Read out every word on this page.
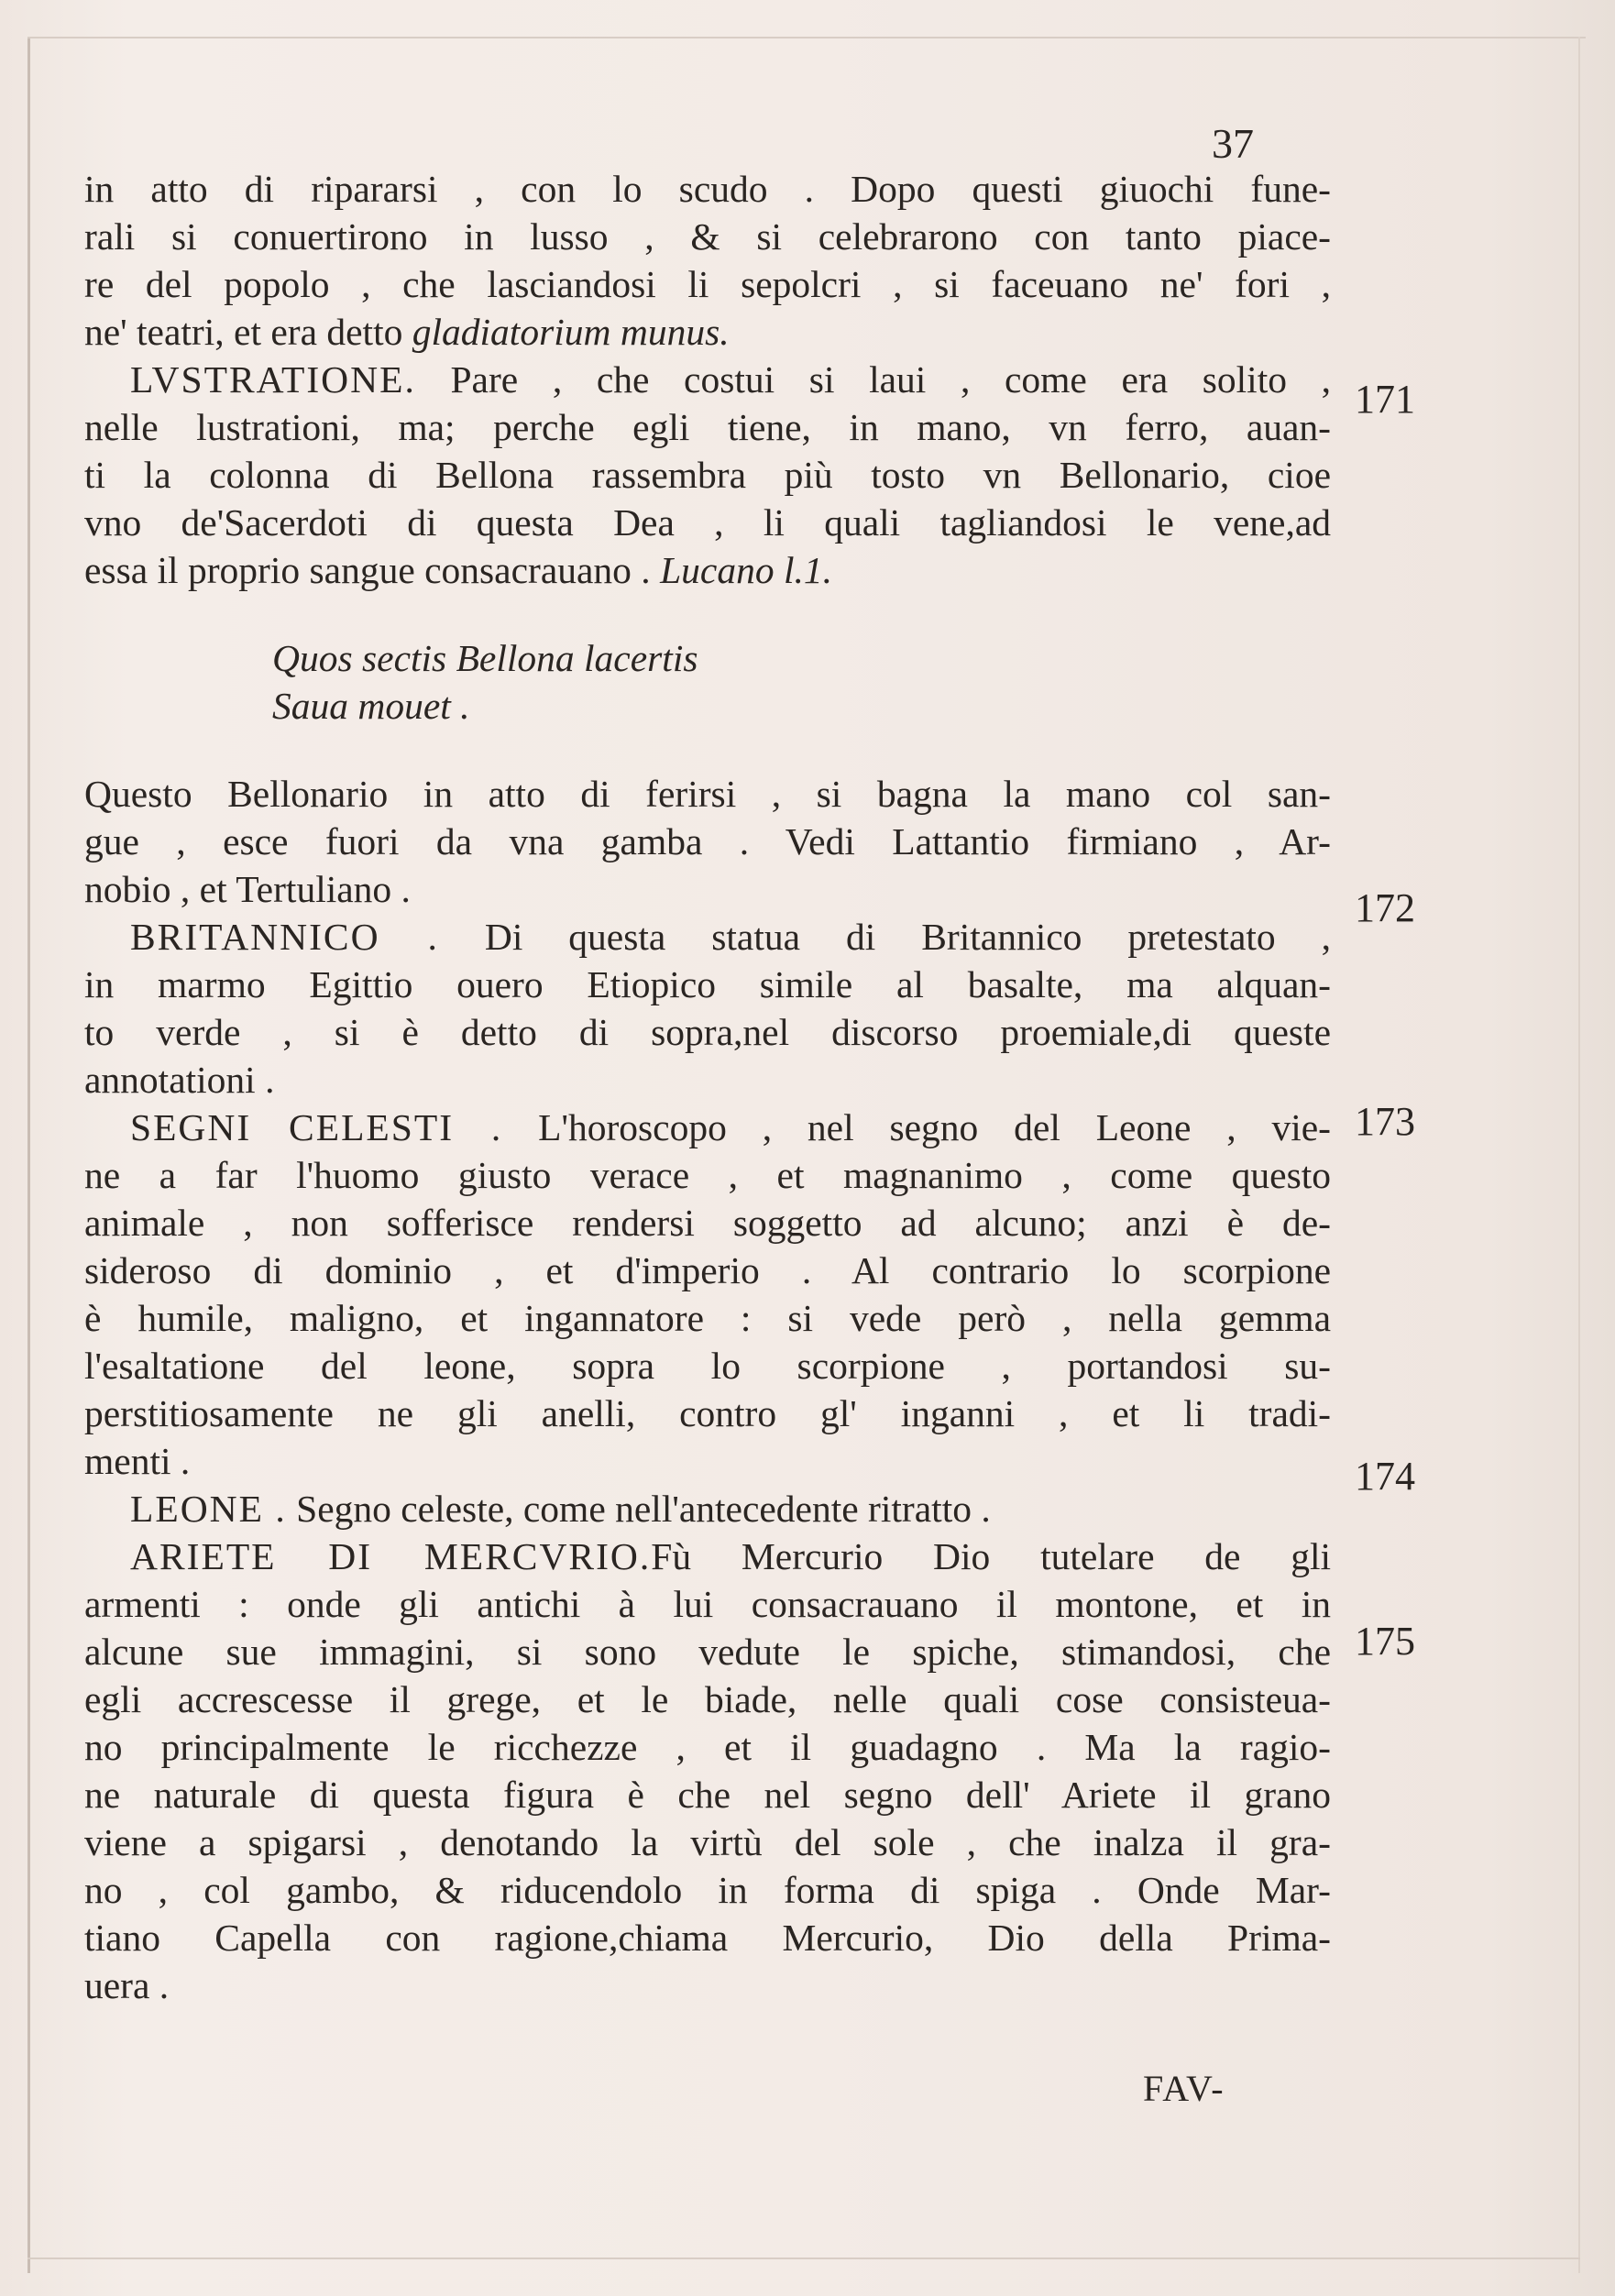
37
in atto di ripararsi , con lo scudo . Dopo questi giuochi fune-
rali si conuertirono in lusso , & si celebrarono con tanto piace-
re del popolo , che lasciandosi li sepolcri , si faceuano ne' fori ,
ne' teatri, et era detto gladiatorium munus.
LVSTRATIONE. Pare , che costui si laui , come era solito ,
nelle lustrationi, ma; perche egli tiene, in mano, vn ferro, auan-
ti la colonna di Bellona rassembra più tosto vn Bellonario, cioe
vno de'Sacerdoti di questa Dea , li quali tagliandosi le vene,ad
essa il proprio sangue consacrauano . Lucano l.1.
Quos sectis Bellona lacertis
Saua mouet .
Questo Bellonario in atto di ferirsi , si bagna la mano col san-
gue , esce fuori da vna gamba . Vedi Lattantio firmiano , Ar-
nobio , et Tertuliano .
BRITANNICO . Di questa statua di Britannico pretestato ,
in marmo Egittio ouero Etiopico simile al basalte, ma alquan-
to verde , si è detto di sopra,nel discorso proemiale,di queste
annotationi .
SEGNI CELESTI . L'horoscopo , nel segno del Leone , vie-
ne a far l'huomo giusto verace , et magnanimo , come questo
animale , non sofferisce rendersi soggetto ad alcuno; anzi è de-
sideroso di dominio , et d'imperio . Al contrario lo scorpione
è humile, maligno, et ingannatore : si vede però , nella gemma
l'esaltatione del leone, sopra lo scorpione , portandosi su-
perstitiosamente ne gli anelli, contro gl' inganni , et li tradi-
menti .
LEONE . Segno celeste, come nell'antecedente ritratto .
ARIETE DI MERCVRIO.Fù Mercurio Dio tutelare de gli
armenti : onde gli antichi à lui consacrauano il montone, et in
alcune sue immagini, si sono vedute le spiche, stimandosi, che
egli accrescesse il grege, et le biade, nelle quali cose consisteua-
no principalmente le ricchezze , et il guadagno . Ma la ragio-
ne naturale di questa figura è che nel segno dell' Ariete il grano
viene a spigarsi , denotando la virtù del sole , che inalza il gra-
no , col gambo, & riducendolo in forma di spiga . Onde Mar-
tiano Capella con ragione,chiama Mercurio, Dio della Prima-
uera .
171
172
173
174
175
FAV-
